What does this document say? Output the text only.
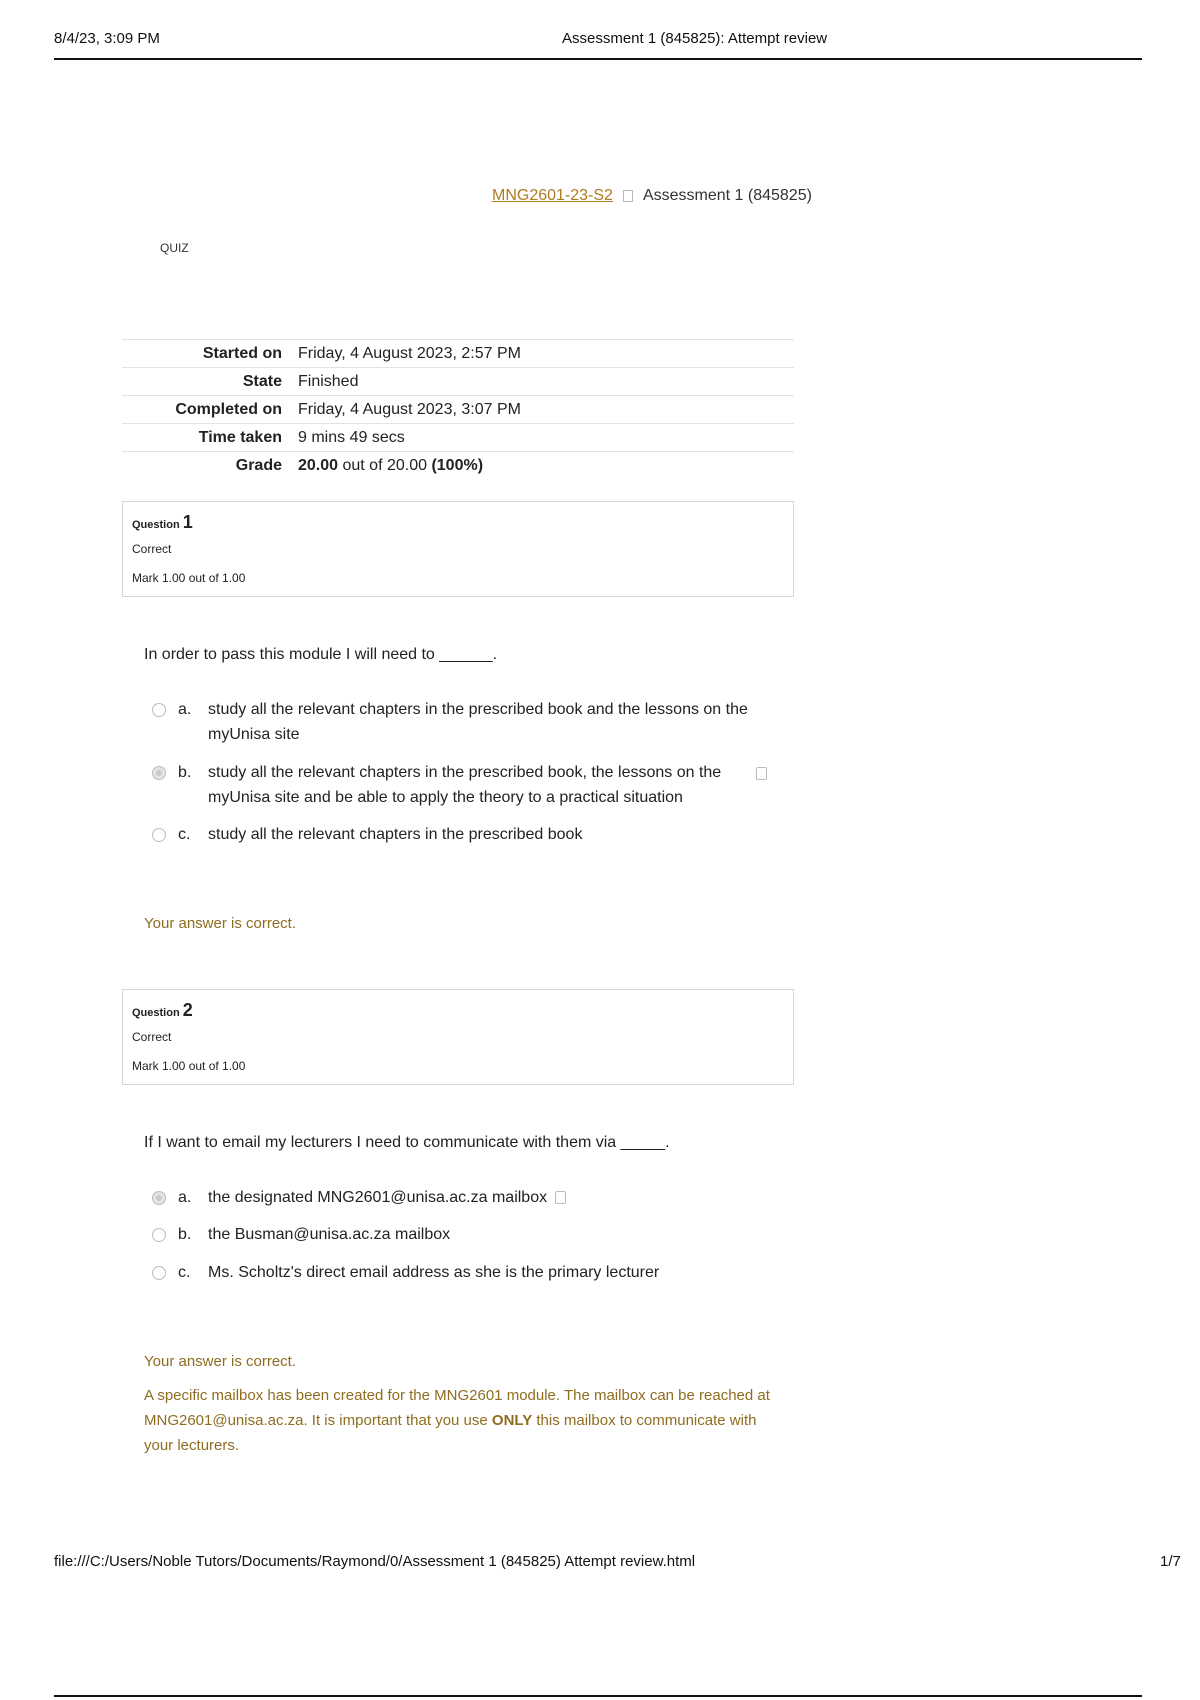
8/4/23, 3:09 PM	Assessment 1 (845825): Attempt review
MNG2601-23-S2 Assessment 1 (845825)
QUIZ
Started on	Friday, 4 August 2023, 2:57 PM
State	Finished
Completed on	Friday, 4 August 2023, 3:07 PM
Time taken	9 mins 49 secs
Grade	20.00 out of 20.00 (100%)
Question 1
Correct
Mark 1.00 out of 1.00
In order to pass this module I will need to ______.
a. study all the relevant chapters in the prescribed book and the lessons on the myUnisa site
b. study all the relevant chapters in the prescribed book, the lessons on the myUnisa site and be able to apply the theory to a practical situation
c. study all the relevant chapters in the prescribed book
Your answer is correct.
Question 2
Correct
Mark 1.00 out of 1.00
If I want to email my lecturers I need to communicate with them via _____.
a. the designated MNG2601@unisa.ac.za mailbox
b. the Busman@unisa.ac.za mailbox
c. Ms. Scholtz's direct email address as she is the primary lecturer
Your answer is correct.
A specific mailbox has been created for the MNG2601 module. The mailbox can be reached at MNG2601@unisa.ac.za. It is important that you use ONLY this mailbox to communicate with your lecturers.
file:///C:/Users/Noble Tutors/Documents/Raymond/0/Assessment 1 (845825) Attempt review.html	1/7
